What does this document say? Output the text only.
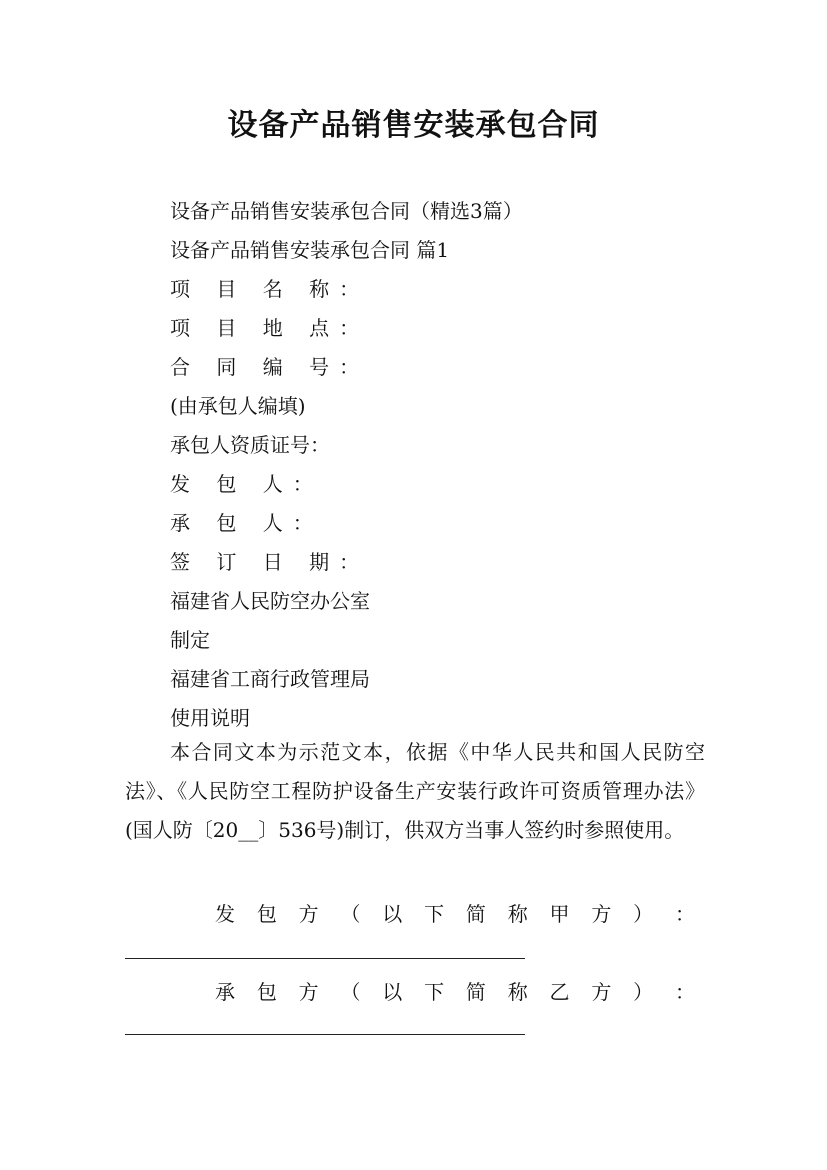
设备产品销售安装承包合同
设备产品销售安装承包合同（精选3篇）
设备产品销售安装承包合同 篇1
项 目 名 称：
项 目 地 点：
合 同 编 号：
(由承包人编填)
承包人资质证号：
发 包 人：
承 包 人：
签 订 日 期：
福建省人民防空办公室
制定
福建省工商行政管理局
使用说明
本合同文本为示范文本，依据《中华人民共和国人民防空法》、《人民防空工程防护设备生产安装行政许可资质管理办法》(国人防〔20__〕536号)制订，供双方当事人签约时参照使用。
发 包 方 （ 以 下 简 称 甲 方 ） ：
承 包 方 （ 以 下 简 称 乙 方 ） ：
